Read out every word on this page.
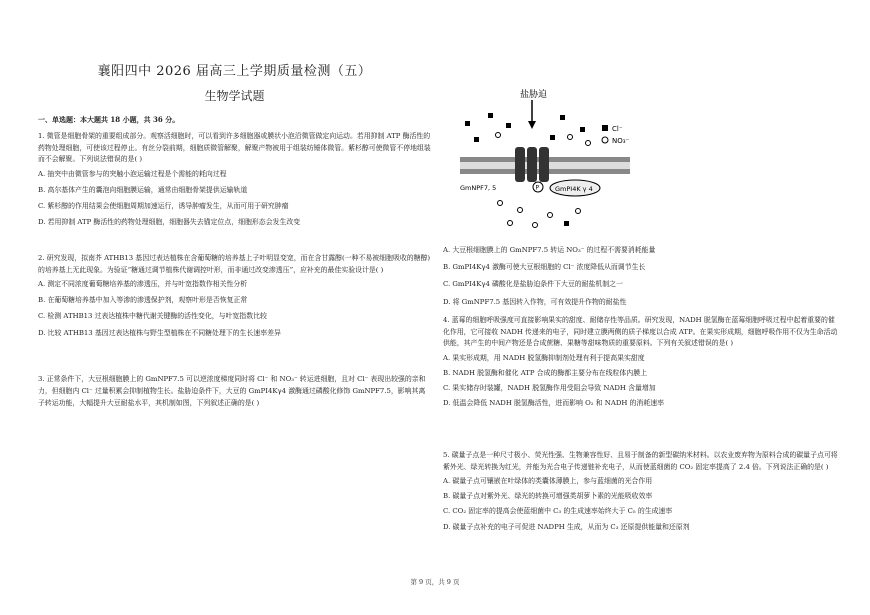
襄阳四中 2026 届高三上学期质量检测（五）
生物学试题
一、单选题：本大题共 18 小题，共 36 分。

1. 微管是细胞骨架的重要组成部分。观察活细胞时，可以看到许多细胞器或膜状小泡沿微管做定向运动。若用抑制 ATP 酶活性的药物处理细胞，可使该过程停止。有丝分裂前期，细胞质微管解聚，解聚产物被用于组装纺锤体微管。紫杉醇可使微管不停地组装而不会解聚。下列说法错误的是( )

A. 抽突中由微管参与的突触小泡运输过程是个需能的耗向过程

B. 高尔基体产生的囊泡向细胞膜运输，通常由细胞骨架提供运输轨道

C. 紫杉醇的作用结果会使细胞周期加速运行，诱导肿瘤发生，从而可用于研究肿瘤

D. 若用抑制 ATP 酶活性的药物处理细胞，细胞器失去锚定位点，细胞形态会发生改变

2. 研究发现，拟南芥 ATHB13 基因过表达植株在含葡萄糖的培养基上子叶明显变宽，而在含甘露醇(一种不易被细胞吸收的糖醇)的培养基上无此现象。为验证“糖通过调节植株代谢调控叶形，而非通过改变渗透压”，应补充的最佳实验设计是( )

A. 测定不同浓度葡萄糖培养基的渗透压，并与叶宽指数作相关性分析

B. 在葡萄糖培养基中加入等渗的渗透保护剂，观察叶形是否恢复正常

C. 检测 ATHB13 过表达植株中糖代谢关键酶的活性变化，与叶宽指数比较

D. 比较 ATHB13 基因过表达植株与野生型植株在不同糖处理下的生长速率差异

3. 正常条件下，大豆根细胞膜上的 GmNPF7.5 可以逆浓度梯度同时将 Cl⁻ 和 NO₃⁻ 转运进细胞，且对 Cl⁻ 表现出较强的亲和力，但细胞内 Cl⁻ 过量积累会抑制植物生长。盐胁迫条件下，大豆的 GmPI4Kγ4 激酶通过磷酸化修饰 GmNPF7.5，影响其离子转运功能，大幅提升大豆耐盐水平，其机制如图，下列叙述正确的是( )

A. 大豆根细胞膜上的 GmNPF7.5 转运 NO₃⁻ 的过程不需要消耗能量

B. GmPI4Kγ4 激酶可使大豆根细胞的 Cl⁻ 浓度降低从而调节生长

C. GmPI4Kγ4 磷酸化是盐胁迫条件下大豆的耐盐机制之一

D. 将 GmNPF7.5 基因转入作物，可有效提升作物的耐盐性

4. 蓝莓的细胞呼吸强度可直接影响果实的甜度、耐储存性等品质。研究发现，NADH 脱氢酶在蓝莓细胞呼吸过程中起着重要的催化作用，它可接收 NADH 传递来的电子，同时建立膜两侧的质子梯度以合成 ATP。在果实形成期，细胞呼吸作用不仅为生命活动供能，其产生的中间产物还是合成蔗糖、果糖等甜味物质的重要原料。下列有关叙述错误的是( )

A. 果实形成期，用 NADH 脱氢酶抑制剂处理有利于提高果实甜度

B. NADH 脱氢酶和催化 ATP 合成的酶都主要分布在线粒体内膜上

C. 果实储存时装罐，NADH 脱氢酶作用受阻会导致 NADH 含量增加

D. 低温会降低 NADH 脱氢酶活性，进而影响 O₂ 和 NADH 的消耗速率

5. 碳量子点是一种尺寸极小、荧光性强、生物兼容性好、且易于制备的新型碳纳米材料。以农业废弃物为原料合成的碳量子点可将紫外光、绿光转换为红光，并能为光合电子传递链补充电子，从而使蓝细菌的 CO₂ 固定率提高了 2.4 倍。下列说法正确的是( )

A. 碳量子点可镶嵌在叶绿体的类囊体薄膜上，参与蓝细菌的光合作用

B. 碳量子点对紫外光、绿光的转换可增强类胡萝卜素的光能吸收效率

C. CO₂ 固定率的提高会使蓝细菌中 C₃ 的生成速率始终大于 C₅ 的生成速率

D. 碳量子点补充的电子可促进 NADPH 生成，从而为 C₃ 还原提供能量和还原剂

盐胁迫
Cl⁻
NO₃⁻
P GmPI4K γ 4
GmNPF7, 5
第 9 页，共 9 页
